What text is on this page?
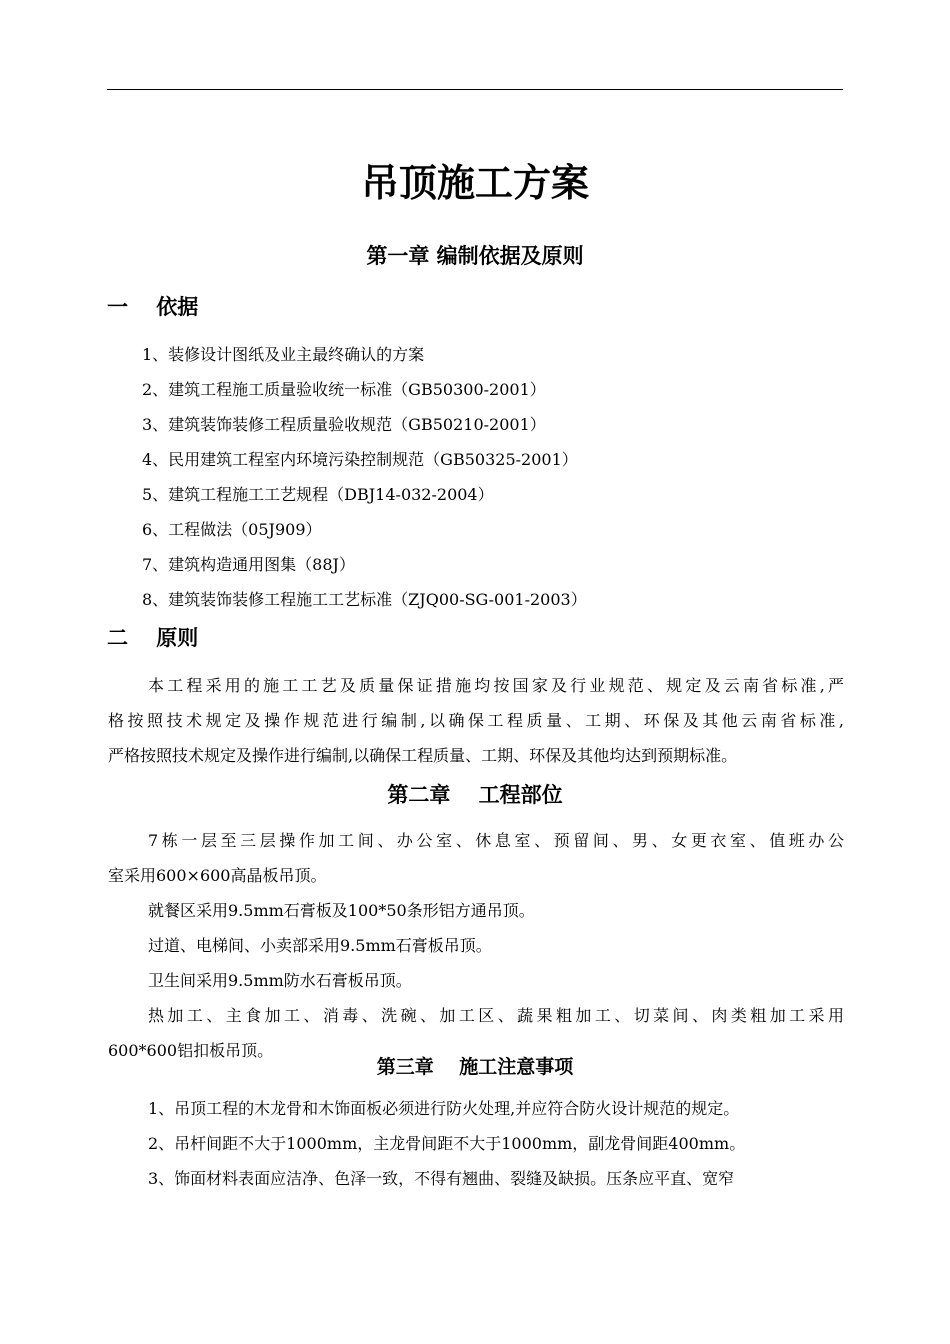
吊顶施工方案
第一章 编制依据及原则
一　 依据
1、装修设计图纸及业主最终确认的方案
2、建筑工程施工质量验收统一标准（GB50300-2001）
3、建筑装饰装修工程质量验收规范（GB50210-2001）
4、民用建筑工程室内环境污染控制规范（GB50325-2001）
5、建筑工程施工工艺规程（DBJ14-032-2004）
6、工程做法（05J909）
7、建筑构造通用图集（88J）
8、建筑装饰装修工程施工工艺标准（ZJQ00-SG-001-2003）
二　 原则

本工程采用的施工工艺及质量保证措施均按国家及行业规范、规定及云南省标准,严

格按照技术规定及操作规范进行编制,以确保工程质量、工期、环保及其他云南省标准,

严格按照技术规定及操作进行编制,以确保工程质量、工期、环保及其他均达到预期标准。

第二章　 工程部位

7栋一层至三层操作加工间、办公室、休息室、预留间、男、女更衣室、值班办公

室采用600×600高晶板吊顶。

就餐区采用9.5mm石膏板及100*50条形铝方通吊顶。

过道、电梯间、小卖部采用9.5mm石膏板吊顶。

卫生间采用9.5mm防水石膏板吊顶。

热加工、主食加工、消毒、洗碗、加工区、蔬果粗加工、切菜间、肉类粗加工采用

600*600铝扣板吊顶。

第三章　 施工注意事项

1、吊顶工程的木龙骨和木饰面板必须进行防火处理,并应符合防火设计规范的规定。

2、吊杆间距不大于1000mm，主龙骨间距不大于1000mm，副龙骨间距400mm。

3、饰面材料表面应洁净、色泽一致，不得有翘曲、裂缝及缺损。压条应平直、宽窄
